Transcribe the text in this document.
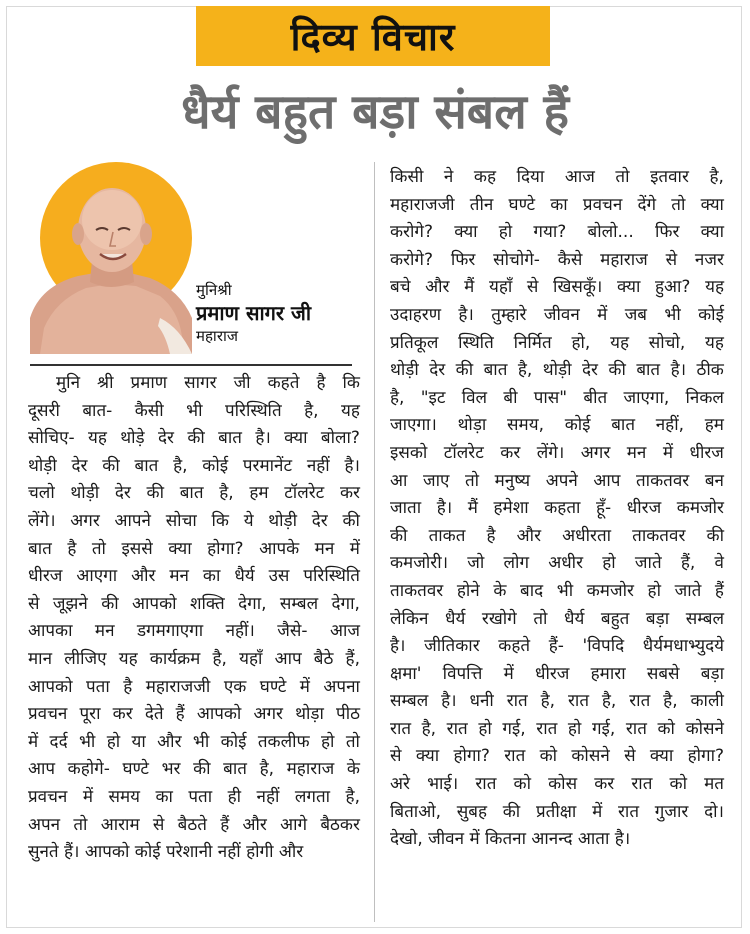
दिव्य विचार
धैर्य बहुत बड़ा संबल हैं
मुनिश्री
प्रमाण सागर जी
महाराज
मुनि श्री प्रमाण सागर जी कहते है कि
दूसरी बात- कैसी भी परिस्थिति है, यह
सोचिए- यह थोड़े देर की बात है। क्या बोला?
थोड़ी देर की बात है, कोई परमानेंट नहीं है।
चलो थोड़ी देर की बात है, हम टॉलरेट कर
लेंगे। अगर आपने सोचा कि ये थोड़ी देर की
बात है तो इससे क्या होगा? आपके मन में
धीरज आएगा और मन का धैर्य उस परिस्थिति
से जूझने की आपको शक्ति देगा, सम्बल देगा,
आपका मन डगमगाएगा नहीं। जैसे- आज
मान लीजिए यह कार्यक्रम है, यहाँ आप बैठे हैं,
आपको पता है महाराजजी एक घण्टे में अपना
प्रवचन पूरा कर देते हैं आपको अगर थोड़ा पीठ
में दर्द भी हो या और भी कोई तकलीफ हो तो
आप कहोगे- घण्टे भर की बात है, महाराज के
प्रवचन में समय का पता ही नहीं लगता है,
अपन तो आराम से बैठते हैं और आगे बैठकर
सुनते हैं। आपको कोई परेशानी नहीं होगी और
किसी ने कह दिया आज तो इतवार है,
महाराजजी तीन घण्टे का प्रवचन देंगे तो क्या
करोगे? क्या हो गया? बोलो... फिर क्या
करोगे? फिर सोचोगे- कैसे महाराज से नजर
बचे और मैं यहाँ से खिसकूँ। क्या हुआ? यह
उदाहरण है। तुम्हारे जीवन में जब भी कोई
प्रतिकूल स्थिति निर्मित हो, यह सोचो, यह
थोड़ी देर की बात है, थोड़ी देर की बात है। ठीक
है, "इट विल बी पास" बीत जाएगा, निकल
जाएगा। थोड़ा समय, कोई बात नहीं, हम
इसको टॉलरेट कर लेंगे। अगर मन में धीरज
आ जाए तो मनुष्य अपने आप ताकतवर बन
जाता है। मैं हमेशा कहता हूँ- धीरज कमजोर
की ताकत है और अधीरता ताकतवर की
कमजोरी। जो लोग अधीर हो जाते हैं, वे
ताकतवर होने के बाद भी कमजोर हो जाते हैं
लेकिन धैर्य रखोगे तो धैर्य बहुत बड़ा सम्बल
है। जीतिकार कहते हैं- 'विपदि धैर्यमधाभ्युदये
क्षमा' विपत्ति में धीरज हमारा सबसे बड़ा
सम्बल है। धनी रात है, रात है, रात है, काली
रात है, रात हो गई, रात हो गई, रात को कोसने
से क्या होगा? रात को कोसने से क्या होगा?
अरे भाई। रात को कोस कर रात को मत
बिताओ, सुबह की प्रतीक्षा में रात गुजार दो।
देखो, जीवन में कितना आनन्द आता है।
